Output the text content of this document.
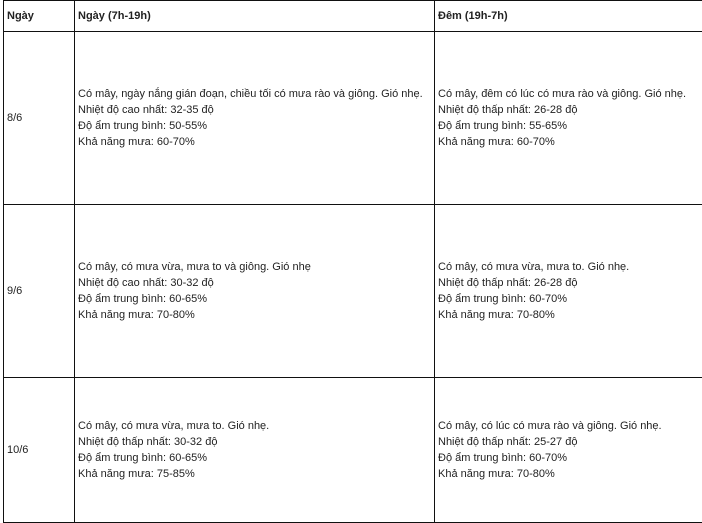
Ngày	Ngày (7h-19h)	Đêm (19h-7h)
8/6	Có mây, ngày nắng gián đoạn, chiều tối có mưa rào và giông. Gió nhẹ.
Nhiệt độ cao nhất: 32-35 độ
Độ ẩm trung bình: 50-55%
Khả năng mưa: 60-70%	Có mây, đêm có lúc có mưa rào và giông. Gió nhẹ.
Nhiệt độ thấp nhất: 26-28 độ
Độ ẩm trung bình: 55-65%
Khả năng mưa: 60-70%

9/6	Có mây, có mưa vừa, mưa to và giông. Gió nhẹ
Nhiệt độ cao nhất: 30-32 độ
Độ ẩm trung bình: 60-65%
Khả năng mưa: 70-80%	Có mây, có mưa vừa, mưa to. Gió nhẹ.
Nhiệt độ thấp nhất: 26-28 độ
Độ ẩm trung bình: 60-70%
Khả năng mưa: 70-80%

10/6	Có mây, có mưa vừa, mưa to. Gió nhẹ.
Nhiệt độ thấp nhất: 30-32 độ
Độ ẩm trung bình: 60-65%
Khả năng mưa: 75-85%	Có mây, có lúc có mưa rào và giông. Gió nhẹ.
Nhiệt độ thấp nhất: 25-27 độ
Độ ẩm trung bình: 60-70%
Khả năng mưa: 70-80%
